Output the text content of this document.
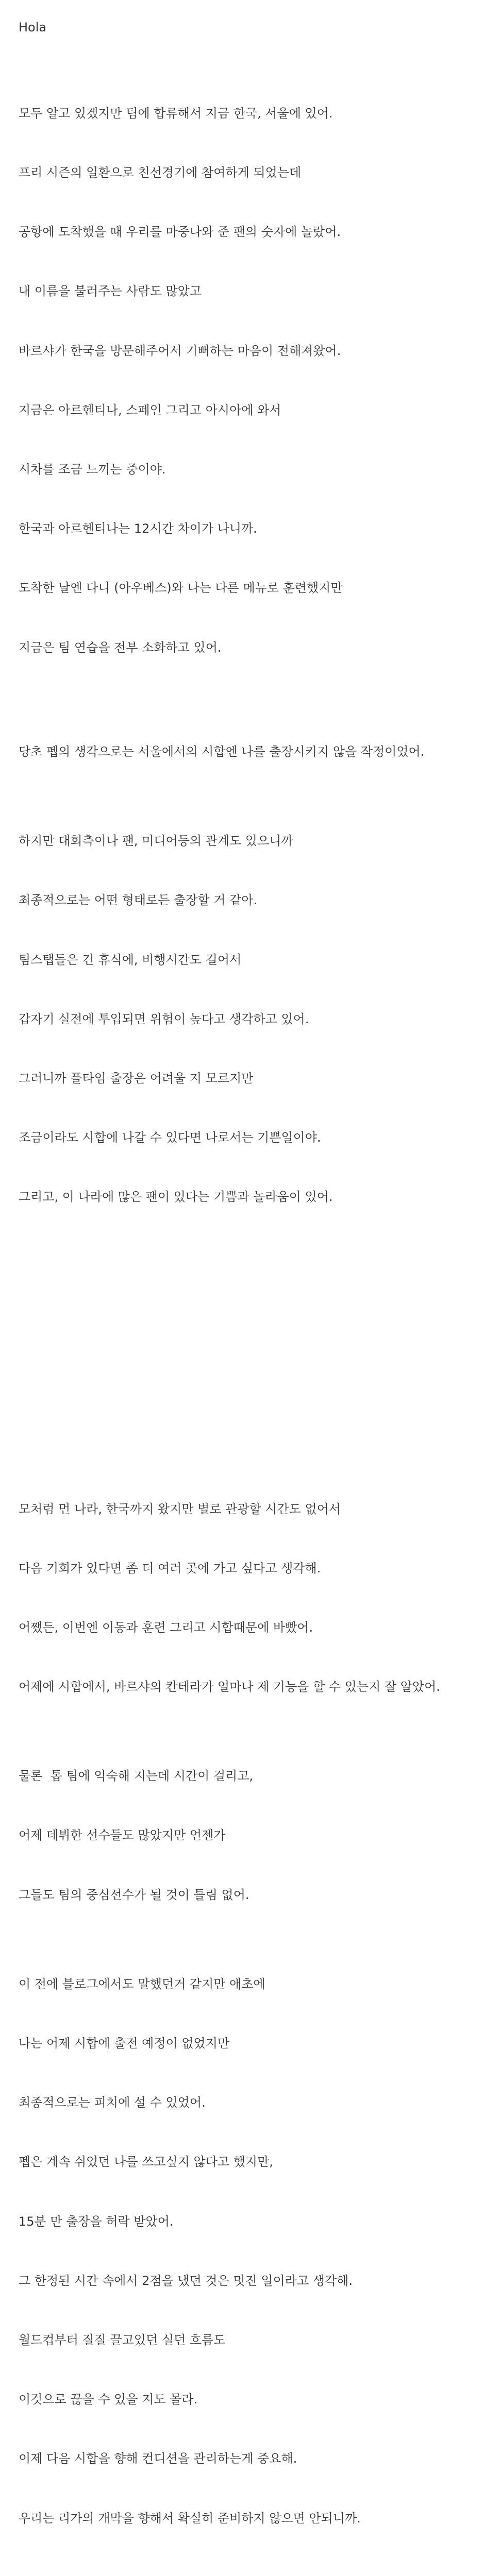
Hola
모두 알고 있겠지만 팀에 합류해서 지금 한국, 서울에 있어.
프리 시즌의 일환으로 친선경기에 참여하게 되었는데
공항에 도착했을 때 우리를 마중나와 준 팬의 숫자에 놀랐어.
내 이름을 불러주는 사람도 많았고
바르샤가 한국을 방문해주어서 기뻐하는 마음이 전해져왔어.
지금은 아르헨티나, 스페인 그리고 아시아에 와서
시차를 조금 느끼는 중이야.
한국과 아르헨티나는 12시간 차이가 나니까.
도착한 날엔 다니 (아우베스)와 나는 다른 메뉴로 훈련했지만
지금은 팀 연습을 전부 소화하고 있어.
당초 펩의 생각으로는 서울에서의 시합엔 나를 출장시키지 않을 작정이었어.
하지만 대회측이나 팬, 미디어등의 관계도 있으니까
최종적으로는 어떤 형태로든 출장할 거 같아.
팀스탭들은 긴 휴식에, 비행시간도 길어서
갑자기 실전에 투입되면 위험이 높다고 생각하고 있어.
그러니까 플타임 출장은 어려울 지 모르지만
조금이라도 시합에 나갈 수 있다면 나로서는 기쁜일이야.
그리고, 이 나라에 많은 팬이 있다는 기쁨과 놀라움이 있어.
모처럼 먼 나라, 한국까지 왔지만 별로 관광할 시간도 없어서
다음 기회가 있다면 좀 더 여러 곳에 가고 싶다고 생각해.
어쨌든, 이번엔 이동과 훈련 그리고 시합때문에 바빴어.
어제에 시합에서, 바르샤의 칸테라가 얼마나 제 기능을 할 수 있는지 잘 알았어.
물론  톱 팀에 익숙해 지는데 시간이 걸리고,
어제 데뷔한 선수들도 많았지만 언젠가
그들도 팀의 중심선수가 될 것이 틀림 없어.
이 전에 블로그에서도 말했던거 같지만 애초에
나는 어제 시합에 출전 예정이 없었지만
최종적으로는 피치에 설 수 있었어.
펩은 계속 쉬었던 나를 쓰고싶지 않다고 했지만,
15분 만 출장을 허락 받았어.
그 한정된 시간 속에서 2점을 냈던 것은 멋진 일이라고 생각해.
월드컵부터 질질 끌고있던 실던 흐름도
이것으로 끊을 수 있을 지도 몰라.
이제 다음 시합을 향해 컨디션을 관리하는게 중요해.
우리는 리가의 개막을 향해서 확실히 준비하지 않으면 안되니까.
